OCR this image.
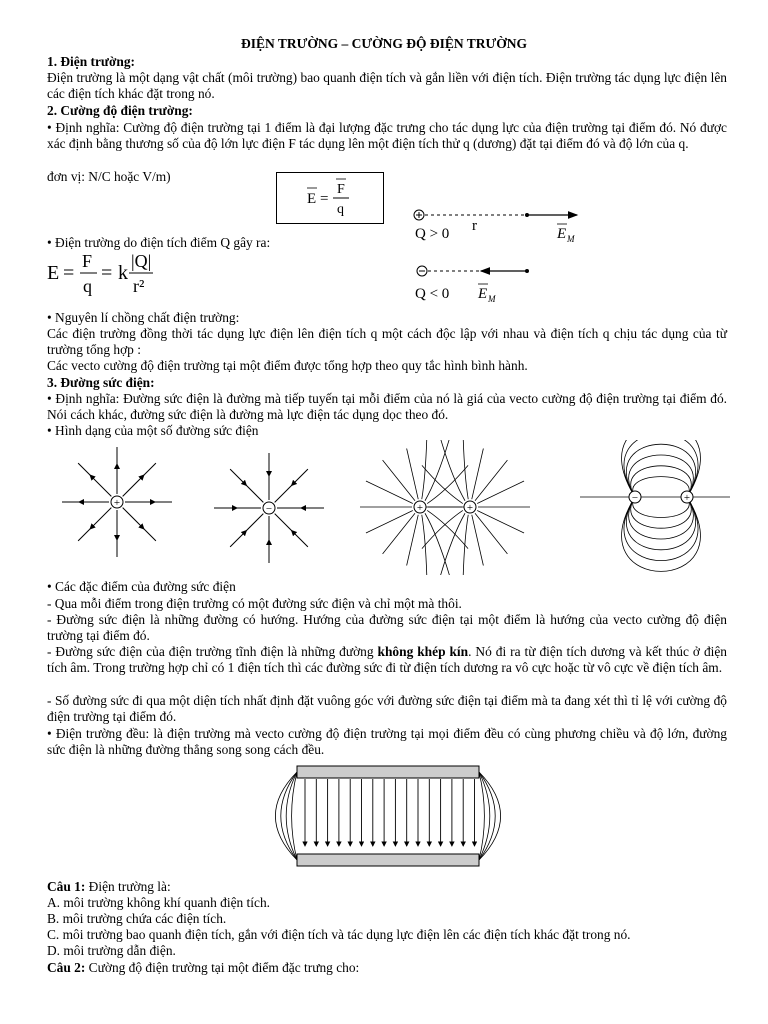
ĐIỆN TRƯỜNG – CƯỜNG ĐỘ ĐIỆN TRƯỜNG
1. Điện trường:
Điện trường là một dạng vật chất (môi trường) bao quanh điện tích và gắn liền với điện tích. Điện trường tác dụng lực điện lên các điện tích khác đặt trong nó.
2. Cường độ điện trường:
• Định nghĩa: Cường độ điện trường tại 1 điểm là đại lượng đặc trưng cho tác dụng lực của điện trường tại điểm đó. Nó được xác định bằng thương số của độ lớn lực điện F tác dụng lên một điện tích thử q (dương) đặt tại điểm đó và độ lớn của q.
đơn vị: N/C hoặc V/m)
E =
F
q
• Điện trường do điện tích điểm Q gây ra:
E =
F
q
= k
|Q|
r²
Q > 0 r	E M
Q < 0 E M
• Nguyên lí chồng chất điện trường:
Các điện trường đồng thời tác dụng lực điện lên điện tích q một cách độc lập với nhau và điện tích q chịu tác dụng của từ trường tổng hợp :
Các vecto cường độ điện trường tại một điểm được tổng hợp theo quy tắc hình bình hành.
3. Đường sức điện:
• Định nghĩa: Đường sức điện là đường mà tiếp tuyến tại mỗi điểm của nó là giá của vecto cường độ điện trường tại điểm đó. Nói cách khác, đường sức điện là đường mà lực điện tác dụng dọc theo đó.
• Hình dạng của một số đường sức điện
+	−	+	+
−	+
• Các đặc điểm của đường sức điện
- Qua mỗi điểm trong điện trường có một đường sức điện và chỉ một mà thôi.
- Đường sức điện là những đường có hướng. Hướng của đường sức điện tại một điểm là hướng của vecto cường độ điện trường tại điểm đó.
- Đường sức điện của điện trường tĩnh điện là những đường không khép kín. Nó đi ra từ điện tích dương và kết thúc ở điện tích âm. Trong trường hợp chỉ có 1 điện tích thì các đường sức đi từ điện tích dương ra vô cực hoặc từ vô cực về điện tích âm.
- Số đường sức đi qua một diện tích nhất định đặt vuông góc với đường sức điện tại điểm mà ta đang xét thì tỉ lệ với cường độ điện trường tại điểm đó.
• Điện trường đều: là điện trường mà vecto cường độ điện trường tại mọi điểm đều có cùng phương chiều và độ lớn, đường sức điện là những đường thẳng song song cách đều.
Câu 1: Điện trường là:
A. môi trường không khí quanh điện tích.
B. môi trường chứa các điện tích.
C. môi trường bao quanh điện tích, gắn với điện tích và tác dụng lực điện lên các điện tích khác đặt trong nó.
D. môi trường dẫn điện.
Câu 2: Cường độ điện trường tại một điểm đặc trưng cho:
